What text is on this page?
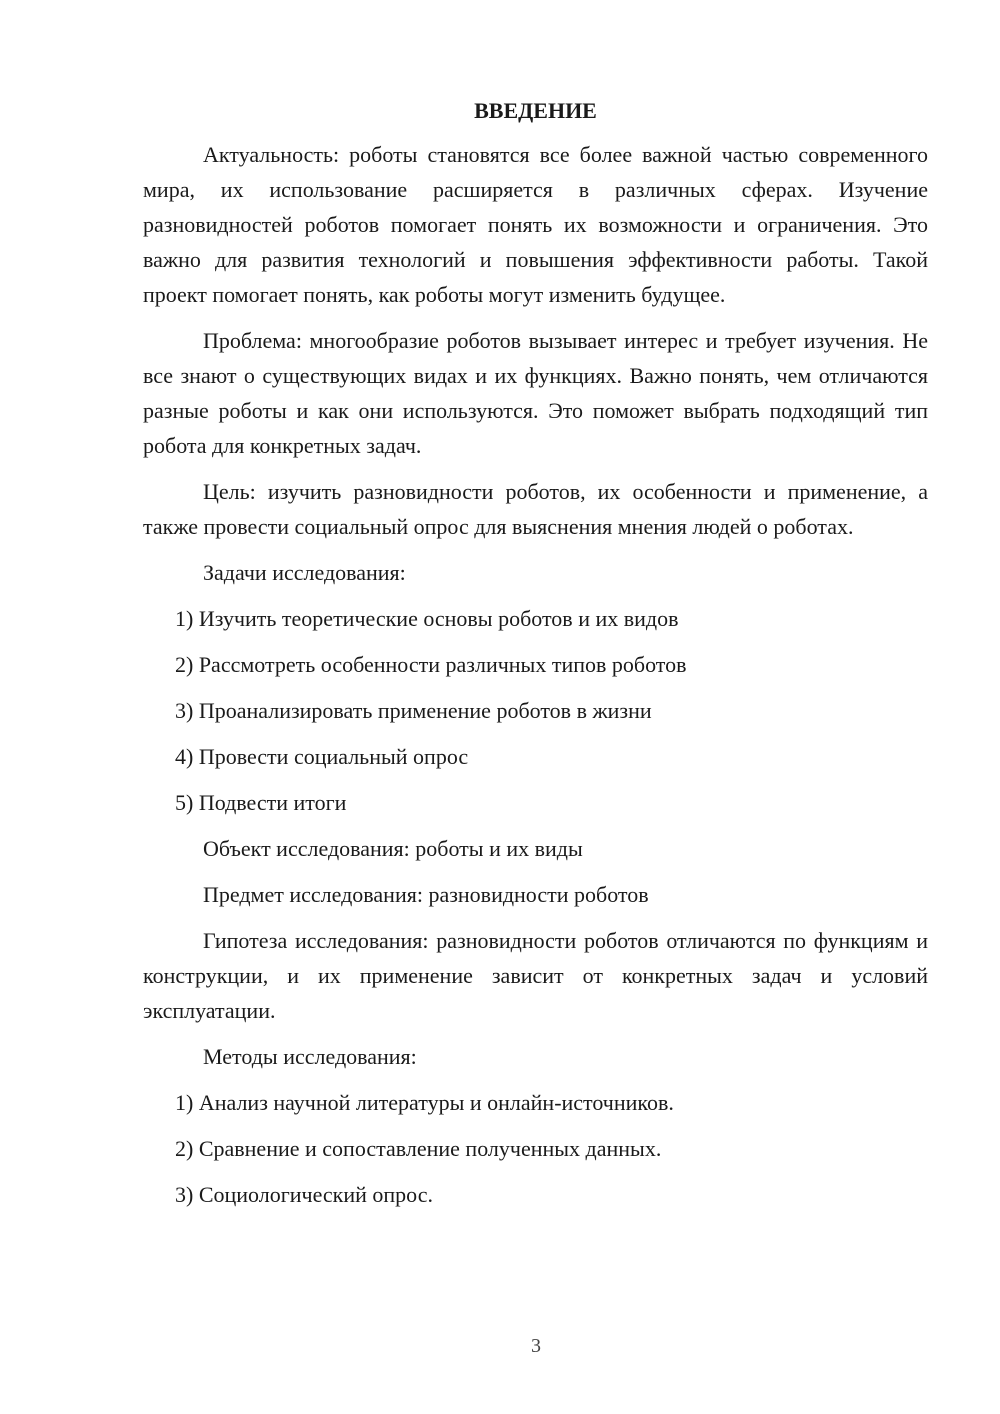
ВВЕДЕНИЕ

Актуальность: роботы становятся все более важной частью современного мира, их использование расширяется в различных сферах. Изучение разновидностей роботов помогает понять их возможности и ограничения. Это важно для развития технологий и повышения эффективности работы. Такой проект помогает понять, как роботы могут изменить будущее.

Проблема: многообразие роботов вызывает интерес и требует изучения. Не все знают о существующих видах и их функциях. Важно понять, чем отличаются разные роботы и как они используются. Это поможет выбрать подходящий тип робота для конкретных задач.

Цель: изучить разновидности роботов, их особенности и применение, а также провести социальный опрос для выяснения мнения людей о роботах.

Задачи исследования:

1) Изучить теоретические основы роботов и их видов

2) Рассмотреть особенности различных типов роботов

3) Проанализировать применение роботов в жизни

4) Провести социальный опрос

5) Подвести итоги

Объект исследования: роботы и их виды

Предмет исследования: разновидности роботов

Гипотеза исследования: разновидности роботов отличаются по функциям и конструкции, и их применение зависит от конкретных задач и условий эксплуатации.

Методы исследования:

1) Анализ научной литературы и онлайн-источников.

2) Сравнение и сопоставление полученных данных.

3) Социологический опрос.

3
